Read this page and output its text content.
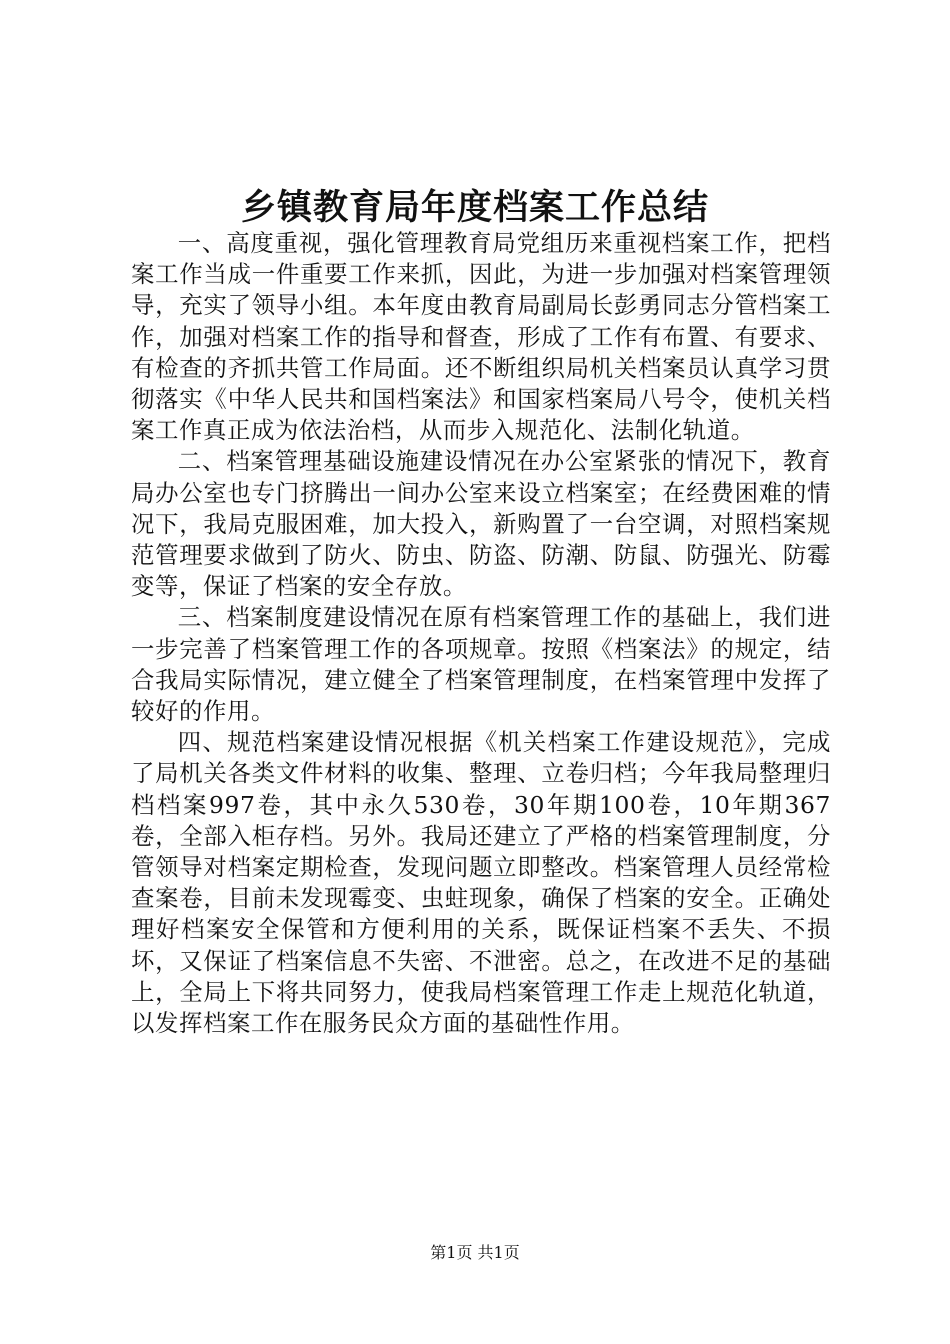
乡镇教育局年度档案工作总结

一、高度重视，强化管理教育局党组历来重视档案工作，把档案工作当成一件重要工作来抓，因此，为进一步加强对档案管理领导，充实了领导小组。本年度由教育局副局长彭勇同志分管档案工作，加强对档案工作的指导和督查，形成了工作有布置、有要求、有检查的齐抓共管工作局面。还不断组织局机关档案员认真学习贯彻落实《中华人民共和国档案法》和国家档案局八号令，使机关档案工作真正成为依法治档，从而步入规范化、法制化轨道。

二、档案管理基础设施建设情况在办公室紧张的情况下，教育局办公室也专门挤腾出一间办公室来设立档案室；在经费困难的情况下，我局克服困难，加大投入，新购置了一台空调，对照档案规范管理要求做到了防火、防虫、防盗、防潮、防鼠、防强光、防霉变等，保证了档案的安全存放。

三、档案制度建设情况在原有档案管理工作的基础上，我们进一步完善了档案管理工作的各项规章。按照《档案法》的规定，结合我局实际情况，建立健全了档案管理制度，在档案管理中发挥了较好的作用。

四、规范档案建设情况根据《机关档案工作建设规范》，完成了局机关各类文件材料的收集、整理、立卷归档；今年我局整理归档档案997卷，其中永久530卷，30年期100卷，10年期367卷，全部入柜存档。另外。我局还建立了严格的档案管理制度，分管领导对档案定期检查，发现问题立即整改。档案管理人员经常检查案卷，目前未发现霉变、虫蛀现象，确保了档案的安全。正确处理好档案安全保管和方便利用的关系，既保证档案不丢失、不损坏，又保证了档案信息不失密、不泄密。总之，在改进不足的基础上，全局上下将共同努力，使我局档案管理工作走上规范化轨道，以发挥档案工作在服务民众方面的基础性作用。

第1页 共1页
